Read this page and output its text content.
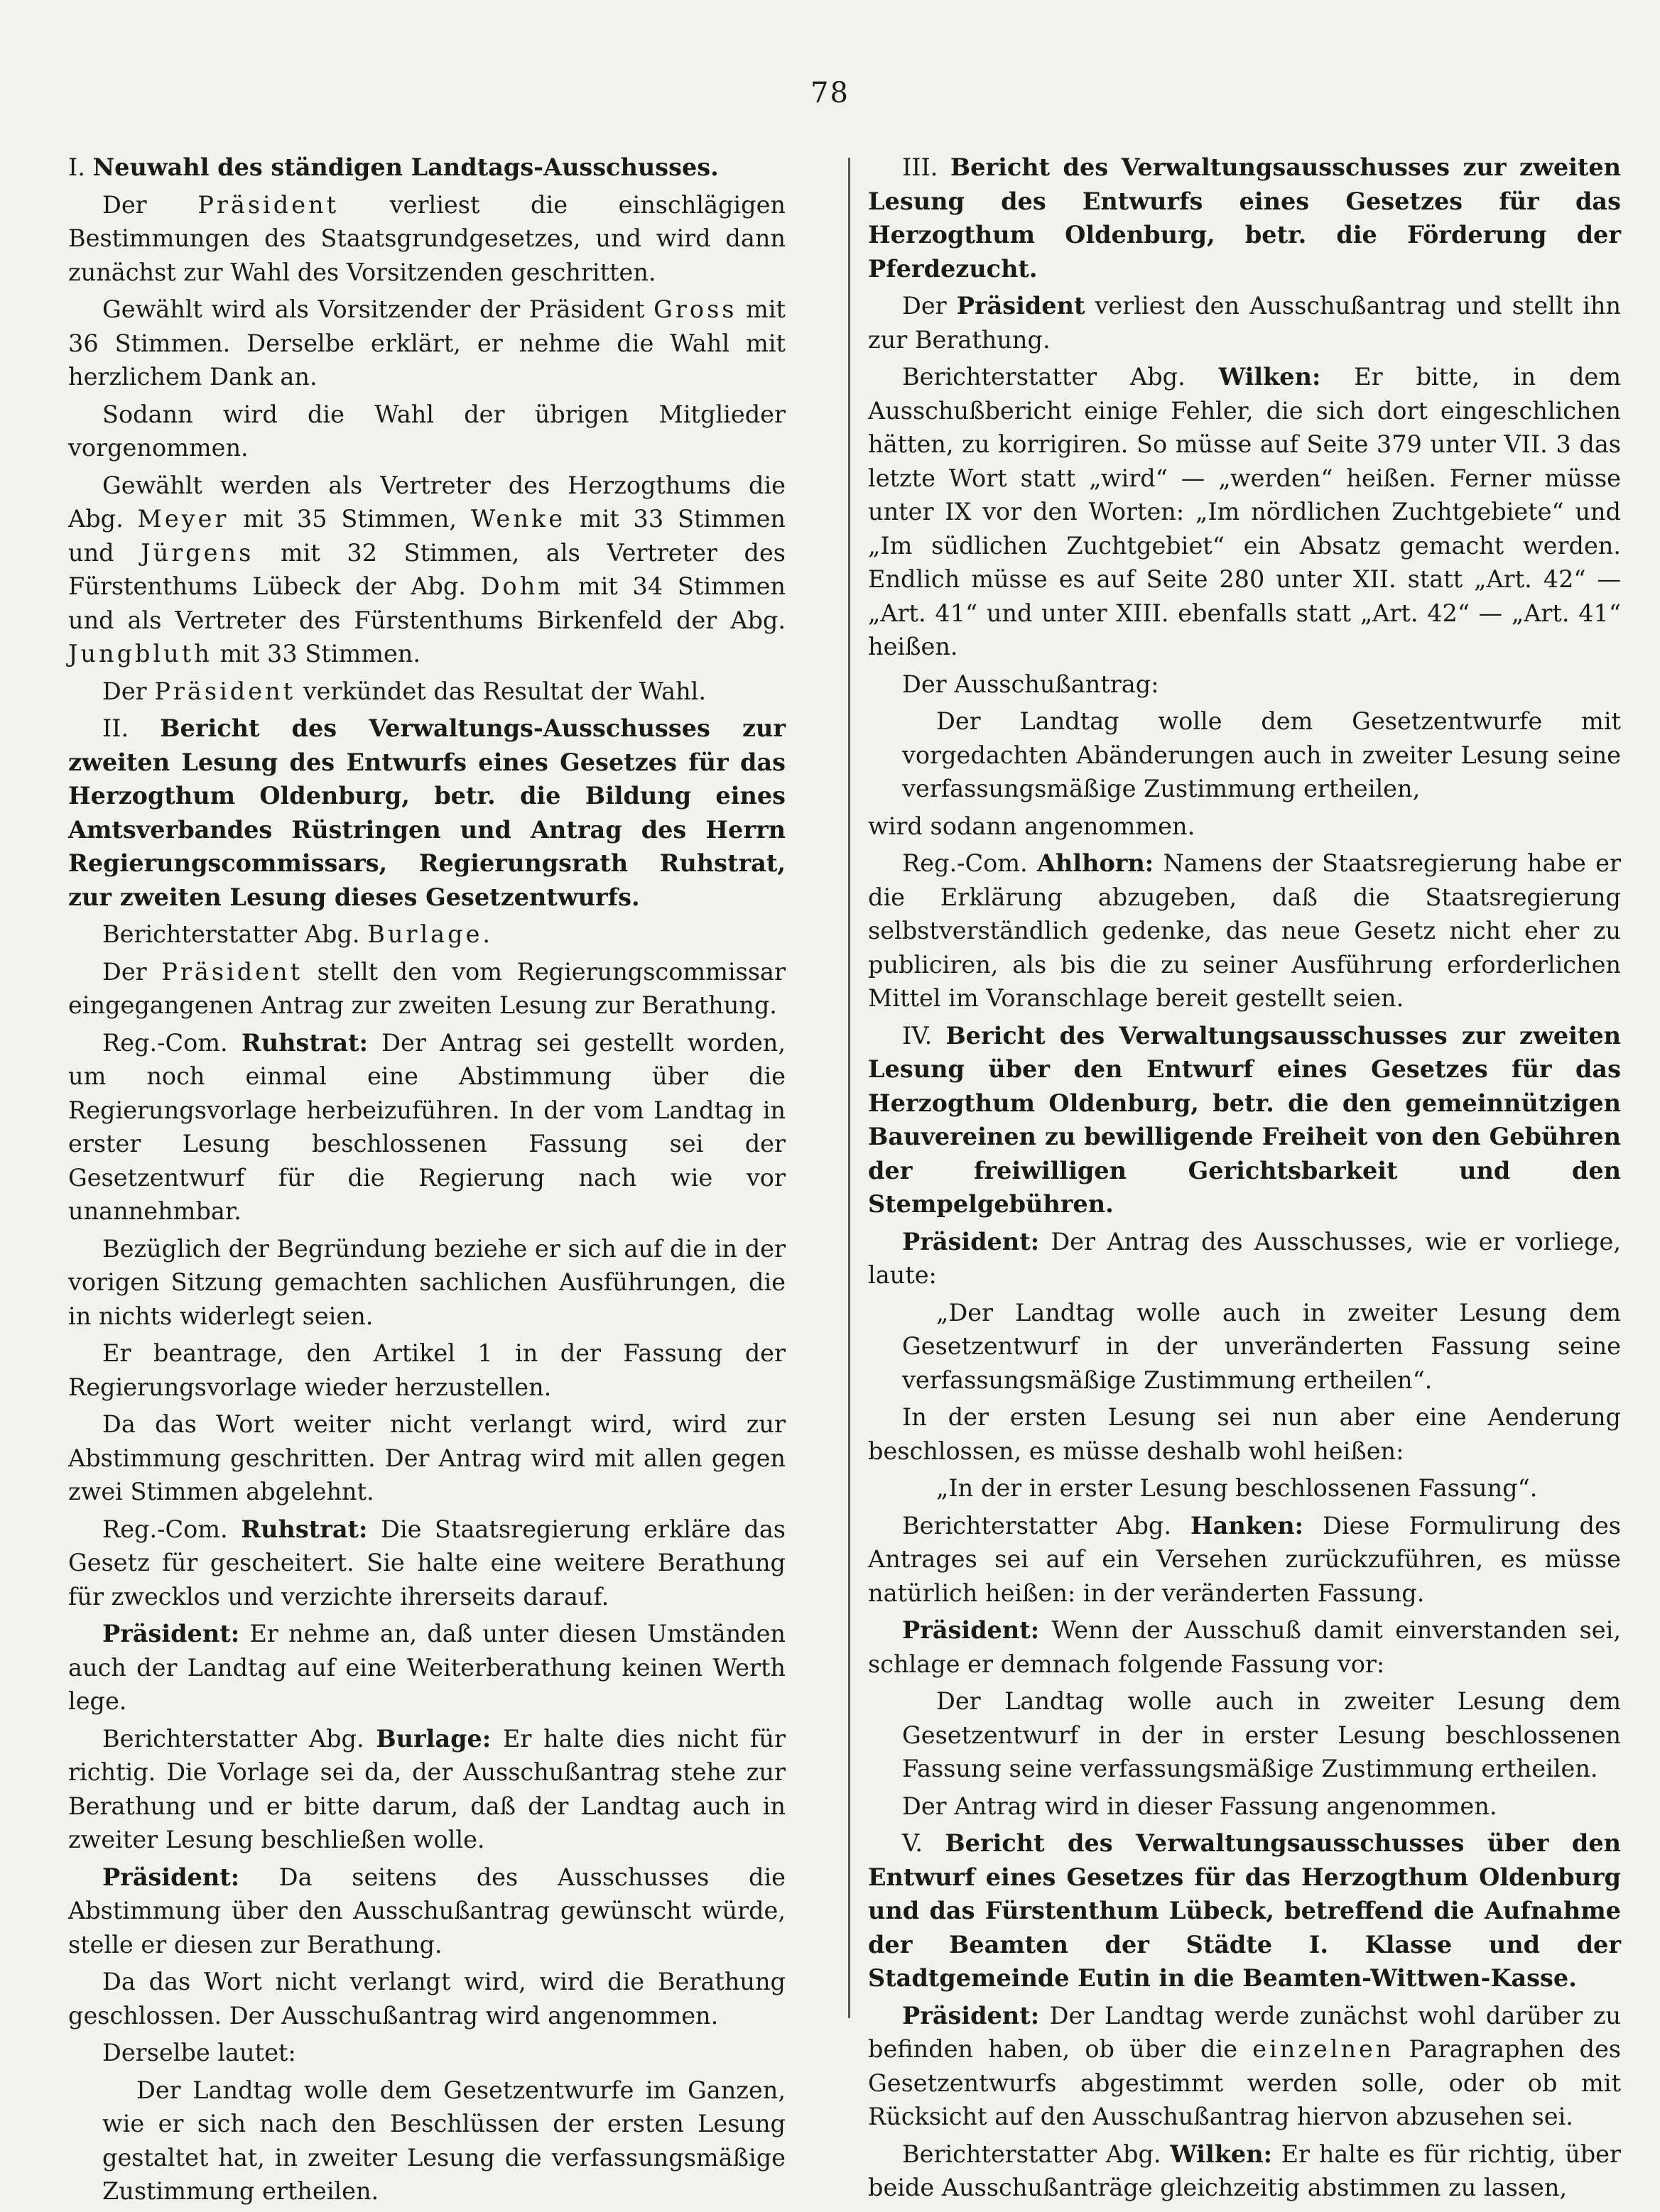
78

I. Neuwahl des ständigen Landtags-Ausschusses.

Der Präsident verliest die einschlägigen Bestimmungen des Staatsgrundgesetzes, und wird dann zunächst zur Wahl des Vorsitzenden geschritten.

Gewählt wird als Vorsitzender der Präsident Gross mit 36 Stimmen. Derselbe erklärt, er nehme die Wahl mit herzlichem Dank an.

Sodann wird die Wahl der übrigen Mitglieder vorgenommen.

Gewählt werden als Vertreter des Herzogthums die Abg. Meyer mit 35 Stimmen, Wenke mit 33 Stimmen und Jürgens mit 32 Stimmen, als Vertreter des Fürstenthums Lübeck der Abg. Dohm mit 34 Stimmen und als Vertreter des Fürstenthums Birkenfeld der Abg. Jungbluth mit 33 Stimmen.

Der Präsident verkündet das Resultat der Wahl.

II. Bericht des Verwaltungs-Ausschusses zur zweiten Lesung des Entwurfs eines Gesetzes für das Herzogthum Oldenburg, betr. die Bildung eines Amtsverbandes Rüstringen und Antrag des Herrn Regierungscommissars, Regierungsrath Ruhstrat, zur zweiten Lesung dieses Gesetzentwurfs.

Berichterstatter Abg. Burlage.

Der Präsident stellt den vom Regierungscommissar eingegangenen Antrag zur zweiten Lesung zur Berathung.

Reg.-Com. Ruhstrat: Der Antrag sei gestellt worden, um noch einmal eine Abstimmung über die Regierungsvorlage herbeizuführen. In der vom Landtag in erster Lesung beschlossenen Fassung sei der Gesetzentwurf für die Regierung nach wie vor unannehmbar.

Bezüglich der Begründung beziehe er sich auf die in der vorigen Sitzung gemachten sachlichen Ausführungen, die in nichts widerlegt seien.

Er beantrage, den Artikel 1 in der Fassung der Regierungsvorlage wieder herzustellen.

Da das Wort weiter nicht verlangt wird, wird zur Abstimmung geschritten. Der Antrag wird mit allen gegen zwei Stimmen abgelehnt.

Reg.-Com. Ruhstrat: Die Staatsregierung erkläre das Gesetz für gescheitert. Sie halte eine weitere Berathung für zwecklos und verzichte ihrerseits darauf.

Präsident: Er nehme an, daß unter diesen Umständen auch der Landtag auf eine Weiterberathung keinen Werth lege.

Berichterstatter Abg. Burlage: Er halte dies nicht für richtig. Die Vorlage sei da, der Ausschußantrag stehe zur Berathung und er bitte darum, daß der Landtag auch in zweiter Lesung beschließen wolle.

Präsident: Da seitens des Ausschusses die Abstimmung über den Ausschußantrag gewünscht würde, stelle er diesen zur Berathung.

Da das Wort nicht verlangt wird, wird die Berathung geschlossen. Der Ausschußantrag wird angenommen.

Derselbe lautet:

Der Landtag wolle dem Gesetzentwurfe im Ganzen, wie er sich nach den Beschlüssen der ersten Lesung gestaltet hat, in zweiter Lesung die verfassungsmäßige Zustimmung ertheilen.

III. Bericht des Verwaltungsausschusses zur zweiten Lesung des Entwurfs eines Gesetzes für das Herzogthum Oldenburg, betr. die Förderung der Pferdezucht.

Der Präsident verliest den Ausschußantrag und stellt ihn zur Berathung.

Berichterstatter Abg. Wilken: Er bitte, in dem Ausschußbericht einige Fehler, die sich dort eingeschlichen hätten, zu korrigiren. So müsse auf Seite 379 unter VII. 3 das letzte Wort statt „wird“ — „werden“ heißen. Ferner müsse unter IX vor den Worten: „Im nördlichen Zuchtgebiete“ und „Im südlichen Zuchtgebiet“ ein Absatz gemacht werden. Endlich müsse es auf Seite 280 unter XII. statt „Art. 42“ — „Art. 41“ und unter XIII. ebenfalls statt „Art. 42“ — „Art. 41“ heißen.

Der Ausschußantrag:

Der Landtag wolle dem Gesetzentwurfe mit vorgedachten Abänderungen auch in zweiter Lesung seine verfassungsmäßige Zustimmung ertheilen,

wird sodann angenommen.

Reg.-Com. Ahlhorn: Namens der Staatsregierung habe er die Erklärung abzugeben, daß die Staatsregierung selbstverständlich gedenke, das neue Gesetz nicht eher zu publiciren, als bis die zu seiner Ausführung erforderlichen Mittel im Voranschlage bereit gestellt seien.

IV. Bericht des Verwaltungsausschusses zur zweiten Lesung über den Entwurf eines Gesetzes für das Herzogthum Oldenburg, betr. die den gemeinnützigen Bauvereinen zu bewilligende Freiheit von den Gebühren der freiwilligen Gerichtsbarkeit und den Stempelgebühren.

Präsident: Der Antrag des Ausschusses, wie er vorliege, laute:

„Der Landtag wolle auch in zweiter Lesung dem Gesetzentwurf in der unveränderten Fassung seine verfassungsmäßige Zustimmung ertheilen“.

In der ersten Lesung sei nun aber eine Aenderung beschlossen, es müsse deshalb wohl heißen:

„In der in erster Lesung beschlossenen Fassung“.

Berichterstatter Abg. Hanken: Diese Formulirung des Antrages sei auf ein Versehen zurückzuführen, es müsse natürlich heißen: in der veränderten Fassung.

Präsident: Wenn der Ausschuß damit einverstanden sei, schlage er demnach folgende Fassung vor:

Der Landtag wolle auch in zweiter Lesung dem Gesetzentwurf in der in erster Lesung beschlossenen Fassung seine verfassungsmäßige Zustimmung ertheilen.

Der Antrag wird in dieser Fassung angenommen.

V. Bericht des Verwaltungsausschusses über den Entwurf eines Gesetzes für das Herzogthum Oldenburg und das Fürstenthum Lübeck, betreffend die Aufnahme der Beamten der Städte I. Klasse und der Stadtgemeinde Eutin in die Beamten-Wittwen-Kasse.

Präsident: Der Landtag werde zunächst wohl darüber zu befinden haben, ob über die einzelnen Paragraphen des Gesetzentwurfs abgestimmt werden solle, oder ob mit Rücksicht auf den Ausschußantrag hiervon abzusehen sei.

Berichterstatter Abg. Wilken: Er halte es für richtig, über beide Ausschußanträge gleichzeitig abstimmen zu lassen,
